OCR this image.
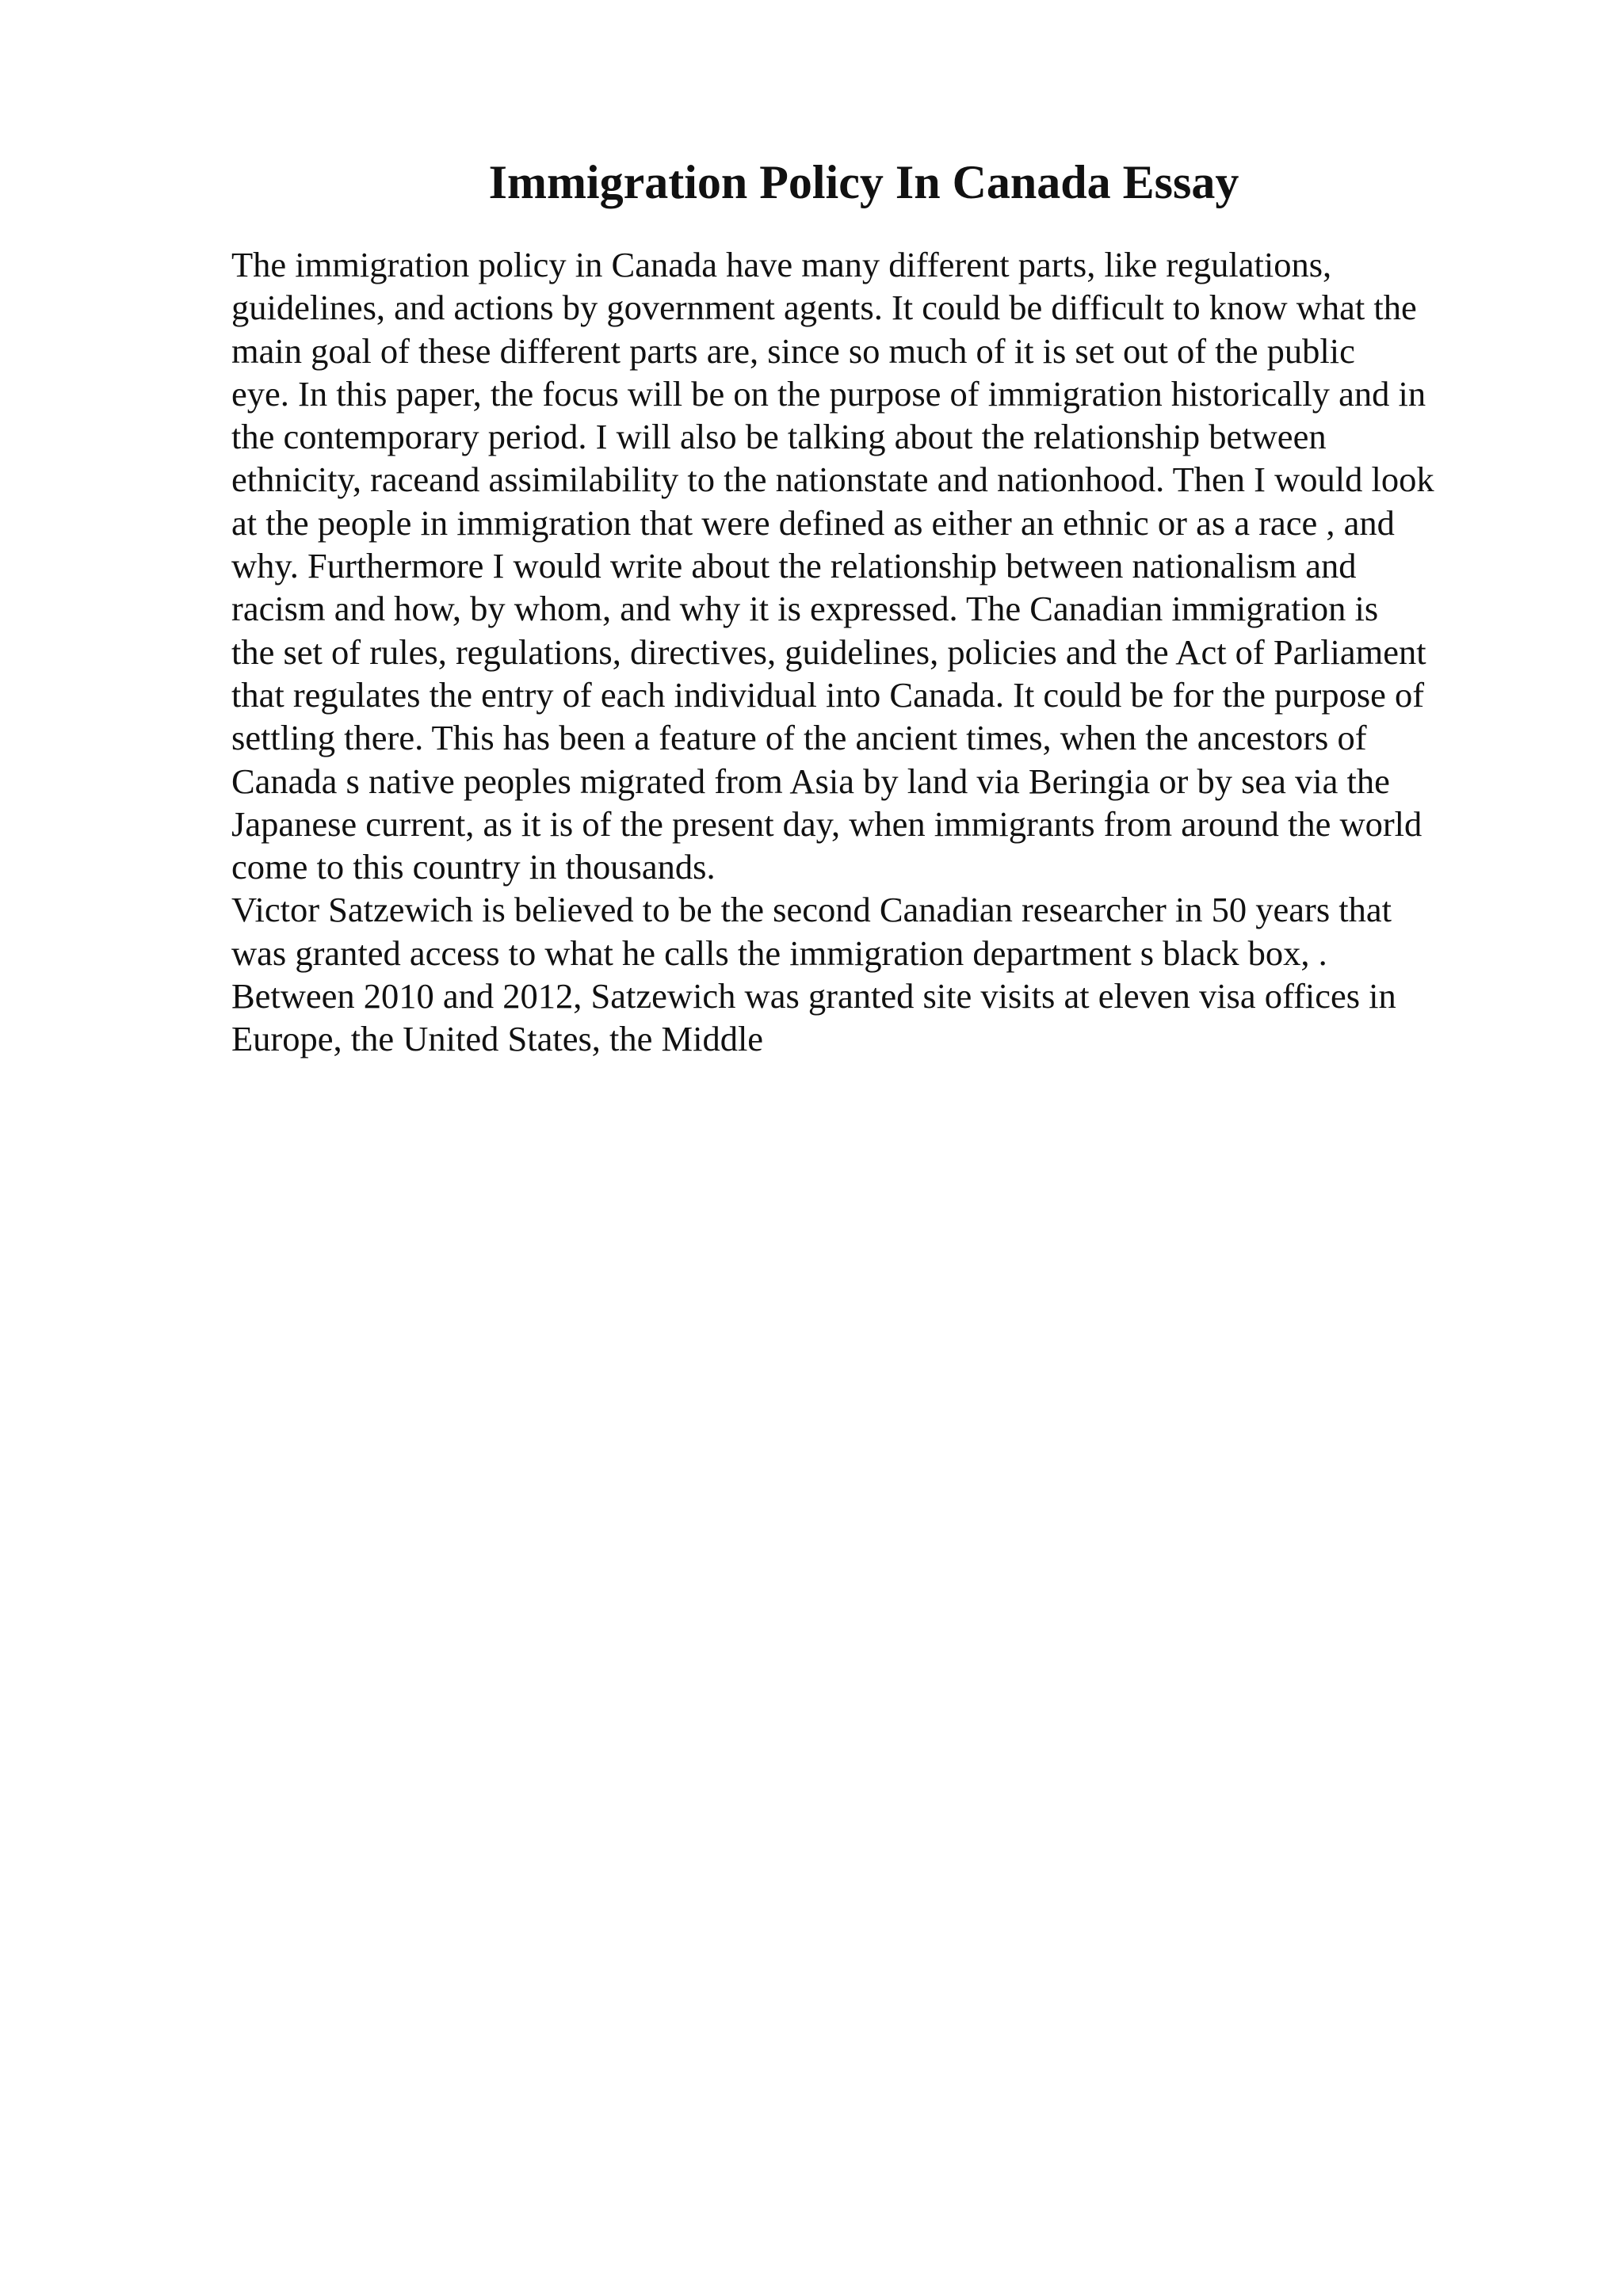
Immigration Policy In Canada Essay
The immigration policy in Canada have many different parts, like regulations,
guidelines, and actions by government agents. It could be difficult to know what the
main goal of these different parts are, since so much of it is set out of the public
eye. In this paper, the focus will be on the purpose of immigration historically and in
the contemporary period. I will also be talking about the relationship between
ethnicity, raceand assimilability to the nationstate and nationhood. Then I would look
at the people in immigration that were defined as either an ethnic or as a race , and
why. Furthermore I would write about the relationship between nationalism and
racism and how, by whom, and why it is expressed. The Canadian immigration is
the set of rules, regulations, directives, guidelines, policies and the Act of Parliament
that regulates the entry of each individual into Canada. It could be for the purpose of
settling there. This has been a feature of the ancient times, when the ancestors of
Canada s native peoples migrated from Asia by land via Beringia or by sea via the
Japanese current, as it is of the present day, when immigrants from around the world
come to this country in thousands.
Victor Satzewich is believed to be the second Canadian researcher in 50 years that
was granted access to what he calls the immigration department s black box, .
Between 2010 and 2012, Satzewich was granted site visits at eleven visa offices in
Europe, the United States, the Middle
